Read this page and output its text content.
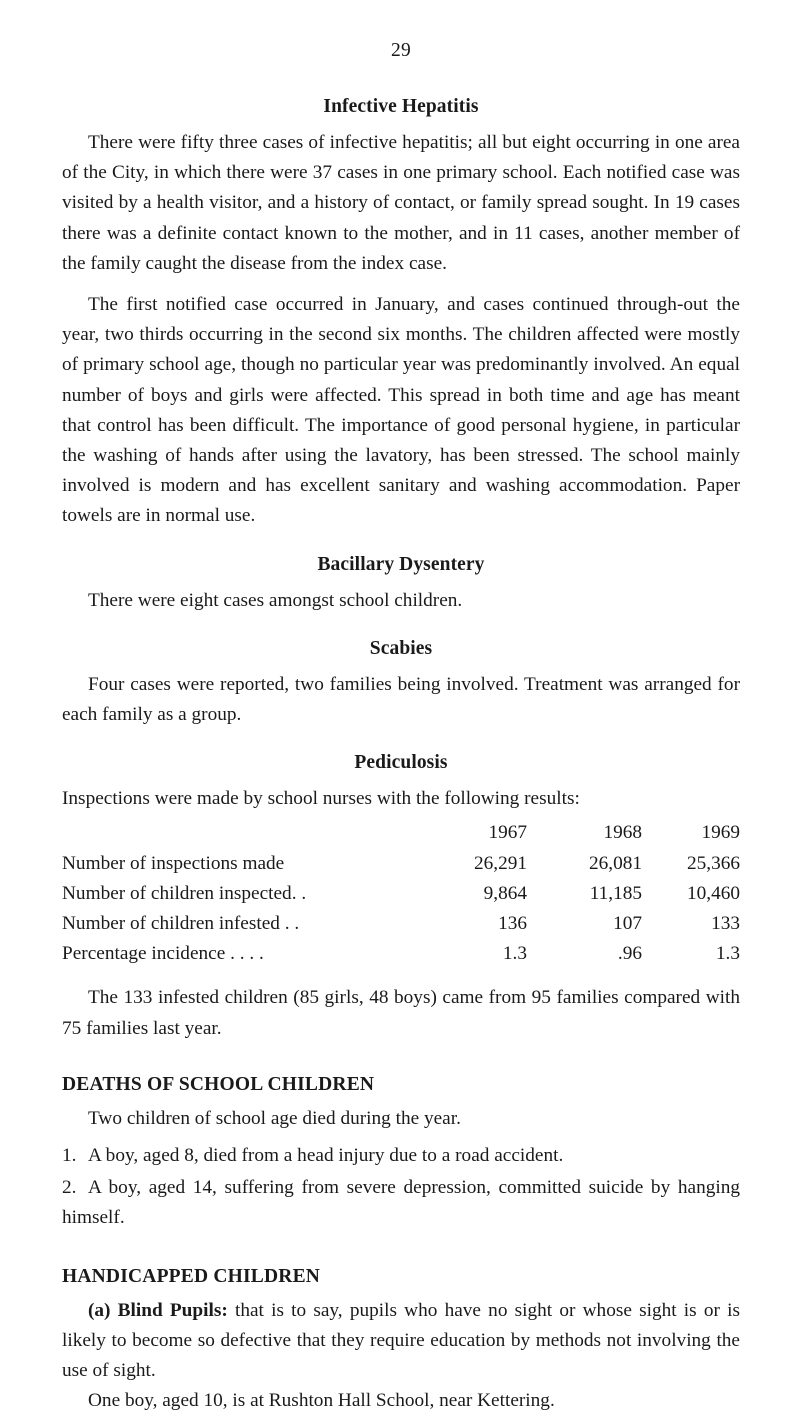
29
Infective Hepatitis

There were fifty three cases of infective hepatitis; all but eight occurring in one area of the City, in which there were 37 cases in one primary school. Each notified case was visited by a health visitor, and a history of contact, or family spread sought. In 19 cases there was a definite contact known to the mother, and in 11 cases, another member of the family caught the disease from the index case.

The first notified case occurred in January, and cases continued through-out the year, two thirds occurring in the second six months. The children affected were mostly of primary school age, though no particular year was predominantly involved. An equal number of boys and girls were affected. This spread in both time and age has meant that control has been difficult. The importance of good personal hygiene, in particular the washing of hands after using the lavatory, has been stressed. The school mainly involved is modern and has excellent sanitary and washing accommodation. Paper towels are in normal use.

Bacillary Dysentery

There were eight cases amongst school children.

Scabies

Four cases were reported, two families being involved. Treatment was arranged for each family as a group.

Pediculosis

Inspections were made by school nurses with the following results:

	1967	1968	1969
Number of inspections made	26,291	26,081	25,366
Number of children inspected. .	9,864	11,185	10,460
Number of children infested . .	136	107	133
Percentage incidence . . . .	1.3	.96	1.3

The 133 infested children (85 girls, 48 boys) came from 95 families compared with 75 families last year.

DEATHS OF SCHOOL CHILDREN

Two children of school age died during the year.

1. A boy, aged 8, died from a head injury due to a road accident.
2. A boy, aged 14, suffering from severe depression, committed suicide by hanging himself.
HANDICAPPED CHILDREN

(a) Blind Pupils: that is to say, pupils who have no sight or whose sight is or is likely to become so defective that they require education by methods not involving the use of sight.

One boy, aged 10, is at Rushton Hall School, near Kettering.
